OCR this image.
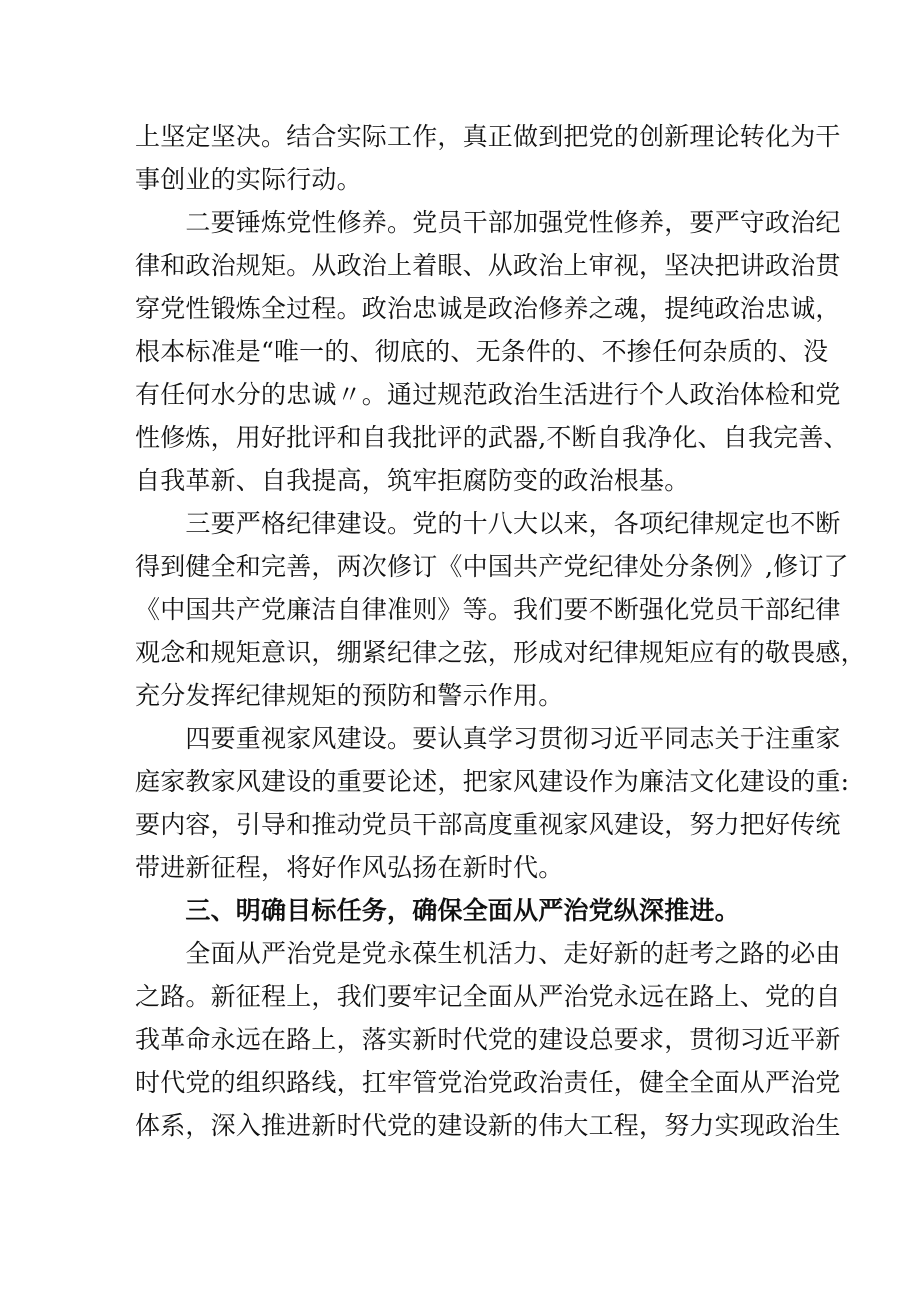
上坚定坚决。结合实际工作，真正做到把党的创新理论转化为干
事创业的实际行动。
　　二要锤炼党性修养。党员干部加强党性修养，要严守政治纪
律和政治规矩。从政治上着眼、从政治上审视，坚决把讲政治贯
穿党性锻炼全过程。政治忠诚是政治修养之魂，提纯政治忠诚，
根本标准是“唯一的、彻底的、无条件的、不掺任何杂质的、没
有任何水分的忠诚〃。通过规范政治生活进行个人政治体检和党
性修炼，用好批评和自我批评的武器,不断自我净化、自我完善、
自我革新、自我提高，筑牢拒腐防变的政治根基。
　　三要严格纪律建设。党的十八大以来，各项纪律规定也不断
得到健全和完善，两次修订《中国共产党纪律处分条例》,修订了
《中国共产党廉洁自律准则》等。我们要不断强化党员干部纪律
观念和规矩意识，绷紧纪律之弦，形成对纪律规矩应有的敬畏感，
充分发挥纪律规矩的预防和警示作用。
　　四要重视家风建设。要认真学习贯彻习近平同志关于注重家
庭家教家风建设的重要论述，把家风建设作为廉洁文化建设的重:
要内容，引导和推动党员干部高度重视家风建设，努力把好传统
带进新征程，将好作风弘扬在新时代。
　　三、明确目标任务，确保全面从严治党纵深推进。
　　全面从严治党是党永葆生机活力、走好新的赶考之路的必由
之路。新征程上，我们要牢记全面从严治党永远在路上、党的自
我革命永远在路上，落实新时代党的建设总要求，贯彻习近平新
时代党的组织路线，扛牢管党治党政治责任，健全全面从严治党
体系，深入推进新时代党的建设新的伟大工程，努力实现政治生
